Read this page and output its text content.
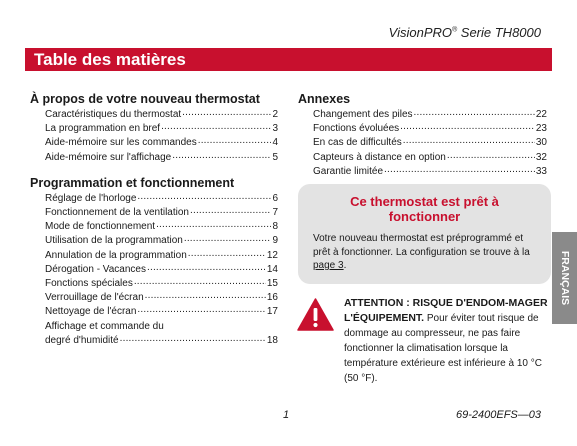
VisionPRO® Serie TH8000
Table des matières
À propos de votre nouveau thermostat
Caractéristiques du thermostat .....	2
La programmation en bref .....	3
Aide-mémoire sur les commandes .....	4
Aide-mémoire sur l'affichage .....	5
Programmation et fonctionnement
Réglage de l'horloge .....	6
Fonctionnement de la ventilation .....	7
Mode de fonctionnement .....	8
Utilisation de la programmation .....	9
Annulation de la programmation .....	12
Dérogation - Vacances .....	14
Fonctions spéciales .....	15
Verrouillage de l'écran .....	16
Nettoyage de l'écran .....	17
Affichage et commande du
degré d'humidité .....	18
Annexes
Changement des piles .....	22
Fonctions évoluées .....	23
En cas de difficultés .....	30
Capteurs à distance en option .....	32
Garantie limitée .....	33
Ce thermostat est prêt à
fonctionner
Votre nouveau thermostat est préprogrammé et prêt à fonctionner. La configuration se trouve à la page 3.	FRANÇAIS
ATTENTION : RISQUE D'ENDOM-MAGER L'ÉQUIPEMENT. Pour éviter tout risque de dommage au compresseur, ne pas faire fonctionner la climatisation lorsque la température extérieure est inférieure à 10 °C (50 °F).
1	69-2400EFS—03
